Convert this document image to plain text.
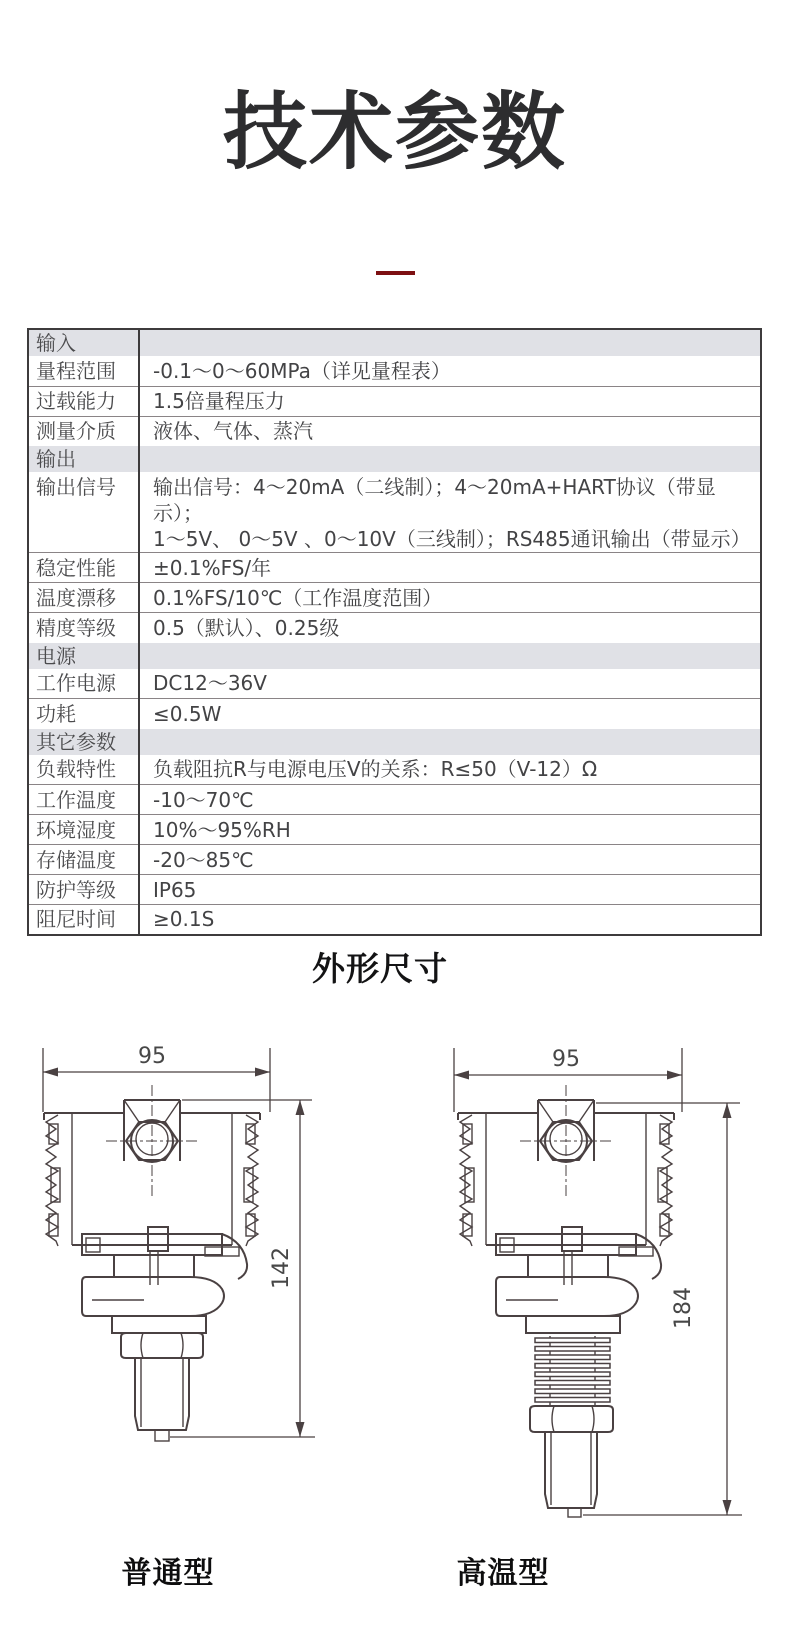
技术参数
输入	
量程范围	-0.1～0～60MPa（详见量程表）
过载能力	1.5倍量程压力
测量介质	液体、气体、蒸汽
输出	
输出信号	输出信号：4～20mA（二线制）；4～20mA+HART协议（带显示）；
1～5V、 0～5V 、0～10V（三线制）；RS485通讯输出（带显示）

稳定性能	±0.1%FS/年
温度漂移	0.1%FS/10℃（工作温度范围）
精度等级	0.5（默认）、0.25级
电源	
工作电源	DC12～36V
功耗	≤0.5W
其它参数	
负载特性	负载阻抗R与电源电压V的关系：R≤50（V-12）Ω
工作温度	-10～70℃
环境湿度	10%～95%RH
存储温度	-20～85℃
防护等级	IP65
阻尼时间	≥0.1S
外形尺寸
95
142
95
184
普通型	高温型
